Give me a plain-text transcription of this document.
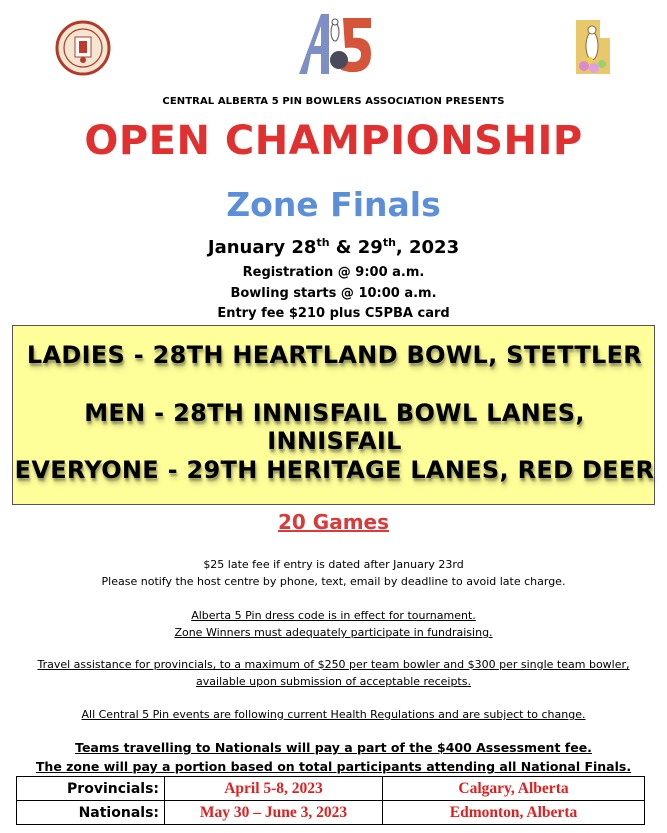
CENTRAL ALBERTA 5 PIN BOWLERS ASSOCIATION PRESENTS
OPEN CHAMPIONSHIP
Zone Finals
January 28th & 29th, 2023
Registration @ 9:00 a.m.
Bowling starts @ 10:00 a.m.
Entry fee $210 plus C5PBA card
LADIES - 28TH HEARTLAND BOWL, STETTLER
MEN - 28TH INNISFAIL BOWL LANES, INNISFAIL
EVERYONE - 29TH HERITAGE LANES, RED DEER
20 Games
$25 late fee if entry is dated after January 23rd
Please notify the host centre by phone, text, email by deadline to avoid late charge.
Alberta 5 Pin dress code is in effect for tournament.
Zone Winners must adequately participate in fundraising.
Travel assistance for provincials, to a maximum of $250 per team bowler and $300 per single team bowler,
available upon submission of acceptable receipts.
All Central 5 Pin events are following current Health Regulations and are subject to change.
Teams travelling to Nationals will pay a part of the $400 Assessment fee.
The zone will pay a portion based on total participants attending all National Finals.
Provincials:	April 5-8, 2023	Calgary, Alberta
Nationals:	May 30 – June 3, 2023	Edmonton, Alberta
